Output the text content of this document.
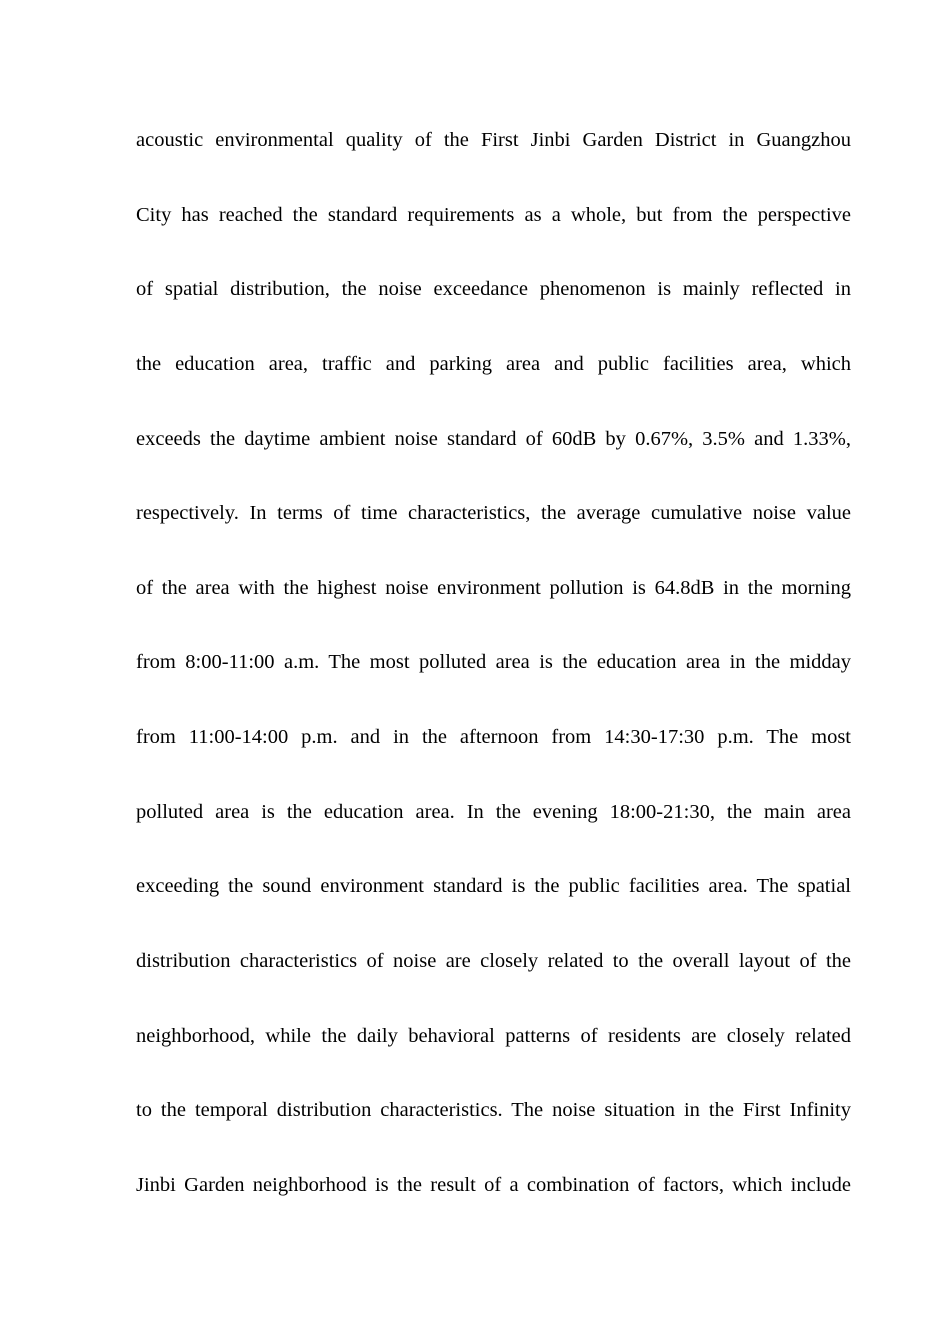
acoustic environmental quality of the First Jinbi Garden District in Guangzhou
City has reached the standard requirements as a whole, but from the perspective
of spatial distribution, the noise exceedance phenomenon is mainly reflected in
the education area, traffic and parking area and public facilities area, which
exceeds the daytime ambient noise standard of 60dB by 0.67%, 3.5% and 1.33%,
respectively. In terms of time characteristics, the average cumulative noise value
of the area with the highest noise environment pollution is 64.8dB in the morning
from 8:00-11:00 a.m. The most polluted area is the education area in the midday
from 11:00-14:00 p.m. and in the afternoon from 14:30-17:30 p.m. The most
polluted area is the education area. In the evening 18:00-21:30, the main area
exceeding the sound environment standard is the public facilities area. The spatial
distribution characteristics of noise are closely related to the overall layout of the
neighborhood, while the daily behavioral patterns of residents are closely related
to the temporal distribution characteristics. The noise situation in the First Infinity
Jinbi Garden neighborhood is the result of a combination of factors, which include
